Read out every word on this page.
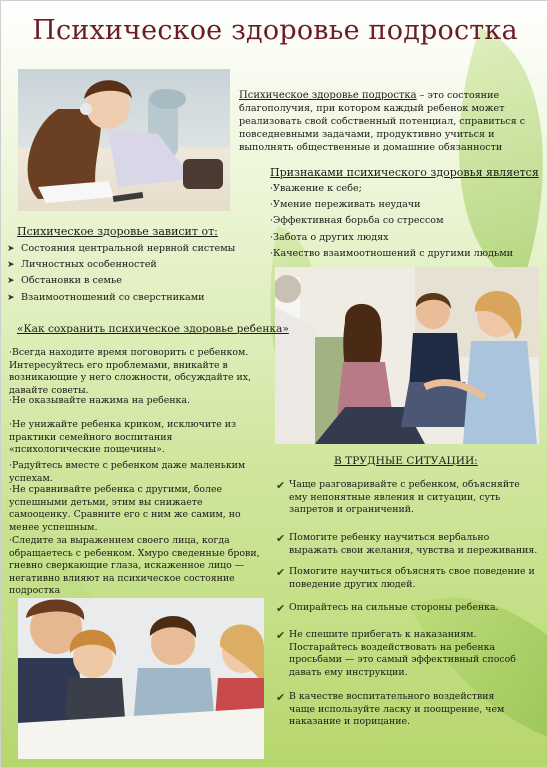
Психическое здоровье подростка
Психическое здоровье подростка – это состояние благополучия, при котором каждый ребенок может реализовать свой собственный потенциал, справиться с повседневными задачами, продуктивно учиться и выполнять общественные и домашние обязанности
Признаками психического здоровья является
·Уважение к себе;
·Умение переживать неудачи
·Эффективная борьба со стрессом
·Забота о других людях
·Качество взаимоотношений с другими людьми
Психическое здоровье зависит от:
➤ Состояния центральной нервной системы
➤ Личностных особенностей
➤ Обстановки в семье
➤ Взаимоотношений со сверстниками
«Как сохранить психическое здоровье ребенка»
·Всегда находите время поговорить с ребенком. Интересуйтесь его проблемами, вникайте в возникающие у него сложности, обсуждайте их, давайте советы.
·Не оказывайте нажима на ребенка.
·Не унижайте ребенка криком, исключите из практики семейного воспитания «психологические пощечины».
·Радуйтесь вместе с ребенком даже маленьким успехам.
·Не сравнивайте ребенка с другими, более успешными детьми, этим вы снижаете самооценку. Сравните его с ним же самим, но менее успешным.
·Следите за выражением своего лица, когда обращаетесь с ребенком. Хмуро сведенные брови, гневно сверкающие глаза, искаженное лицо — негативно влияют на психическое состояние подростка
В ТРУДНЫЕ СИТУАЦИИ:
✔ Чаще разговаривайте с ребенком, объясняйте ему непонятные явления и ситуации, суть запретов и ограничений.
✔ Помогите ребенку научиться вербально выражать свои желания, чувства и переживания.
✔ Помогите научиться объяснять свое поведение и поведение других людей.
✔ Опирайтесь на сильные стороны ребенка.
✔ Не спешите прибегать к наказаниям. Постарайтесь воздействовать на ребенка просьбами — это самый эффективный способ давать ему инструкции.
✔ В качестве воспитательного воздействия чаще используйте ласку и поощрение, чем наказание и порицание.
